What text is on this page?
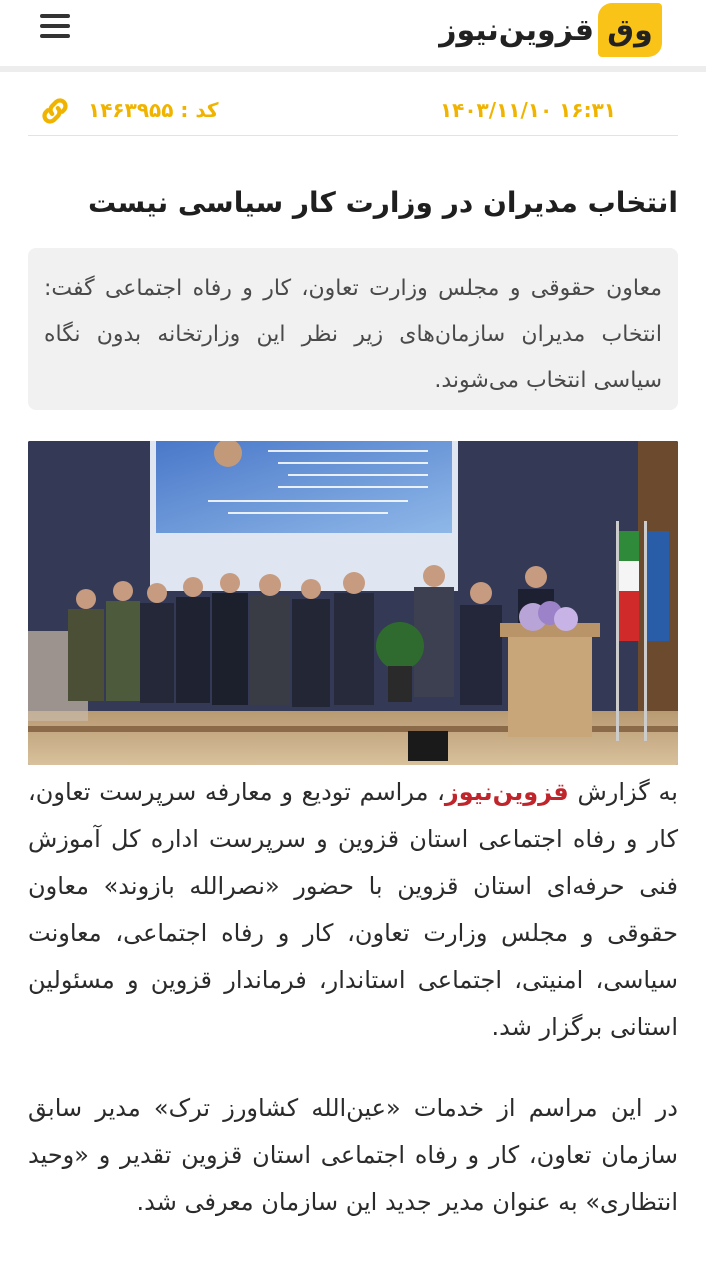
وق
قزوین‌نیوز
۱۴۰۳/۱۱/۱۰ ۱۶:۳۱
کد : ۱۴۶۳۹۵۵
انتخاب مدیران در وزارت کار سیاسی نیست
معاون حقوقی و مجلس وزارت تعاون، کار و رفاه اجتماعی گفت: انتخاب مدیران سازمان‌های زیر نظر این وزارتخانه بدون نگاه سیاسی انتخاب می‌شوند.
به گزارش قزوین‌نیوز، مراسم تودیع و معارفه سرپرست تعاون، کار و رفاه اجتماعی استان قزوین و سرپرست اداره کل آموزش فنی حرفه‌ای استان قزوین با حضور «نصرالله بازوند» معاون حقوقی و مجلس وزارت تعاون، کار و رفاه اجتماعی، معاونت سیاسی، امنیتی، اجتماعی استاندار، فرماندار قزوین و مسئولین استانی برگزار شد.
در این مراسم از خدمات «عین‌الله کشاورز ترک» مدیر سابق سازمان تعاون، کار و رفاه اجتماعی استان قزوین تقدیر و «وحید انتظاری» به عنوان مدیر جدید این سازمان معرفی شد.
